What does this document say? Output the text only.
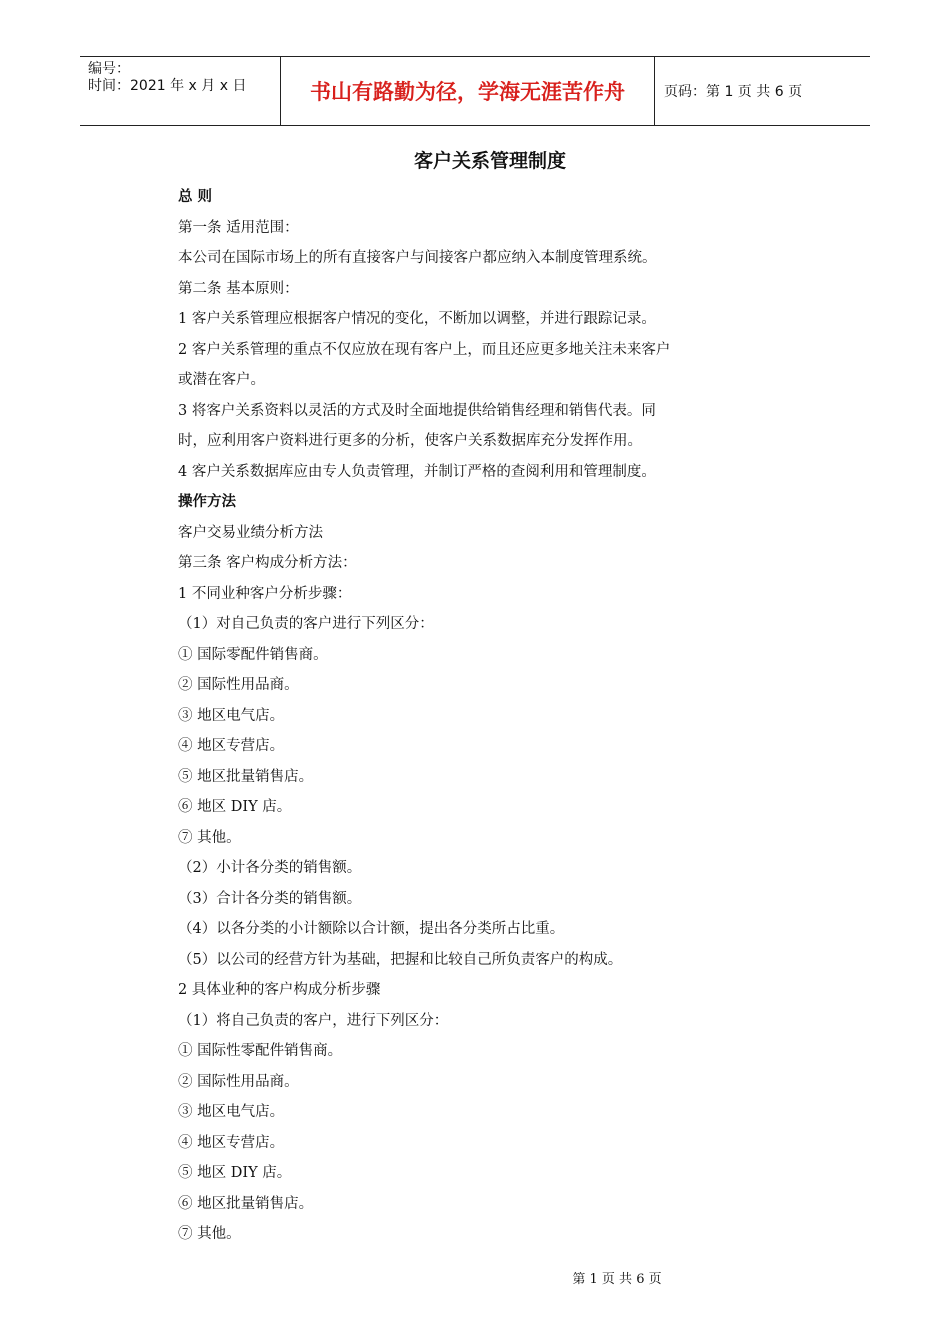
编号：
时间：2021 年 x 月 x 日	书山有路勤为径，学海无涯苦作舟	页码：第 1 页 共 6 页
客户关系管理制度
总 则
第一条 适用范围：
本公司在国际市场上的所有直接客户与间接客户都应纳入本制度管理系统。
第二条 基本原则：
1 客户关系管理应根据客户情况的变化，不断加以调整，并进行跟踪记录。
2 客户关系管理的重点不仅应放在现有客户上，而且还应更多地关注未来客户
或潜在客户。
3 将客户关系资料以灵活的方式及时全面地提供给销售经理和销售代表。同
时，应利用客户资料进行更多的分析，使客户关系数据库充分发挥作用。
4 客户关系数据库应由专人负责管理，并制订严格的查阅利用和管理制度。
操作方法
客户交易业绩分析方法
第三条 客户构成分析方法：
1 不同业种客户分析步骤：
（1）对自己负责的客户进行下列区分：
① 国际零配件销售商。
② 国际性用品商。
③ 地区电气店。
④ 地区专营店。
⑤ 地区批量销售店。
⑥ 地区 DIY 店。
⑦ 其他。
（2）小计各分类的销售额。
（3）合计各分类的销售额。
（4）以各分类的小计额除以合计额，提出各分类所占比重。
（5）以公司的经营方针为基础，把握和比较自己所负责客户的构成。
2 具体业种的客户构成分析步骤
（1）将自己负责的客户，进行下列区分：
① 国际性零配件销售商。
② 国际性用品商。
③ 地区电气店。
④ 地区专营店。
⑤ 地区 DIY 店。
⑥ 地区批量销售店。
⑦ 其他。
第 1 页 共 6 页
